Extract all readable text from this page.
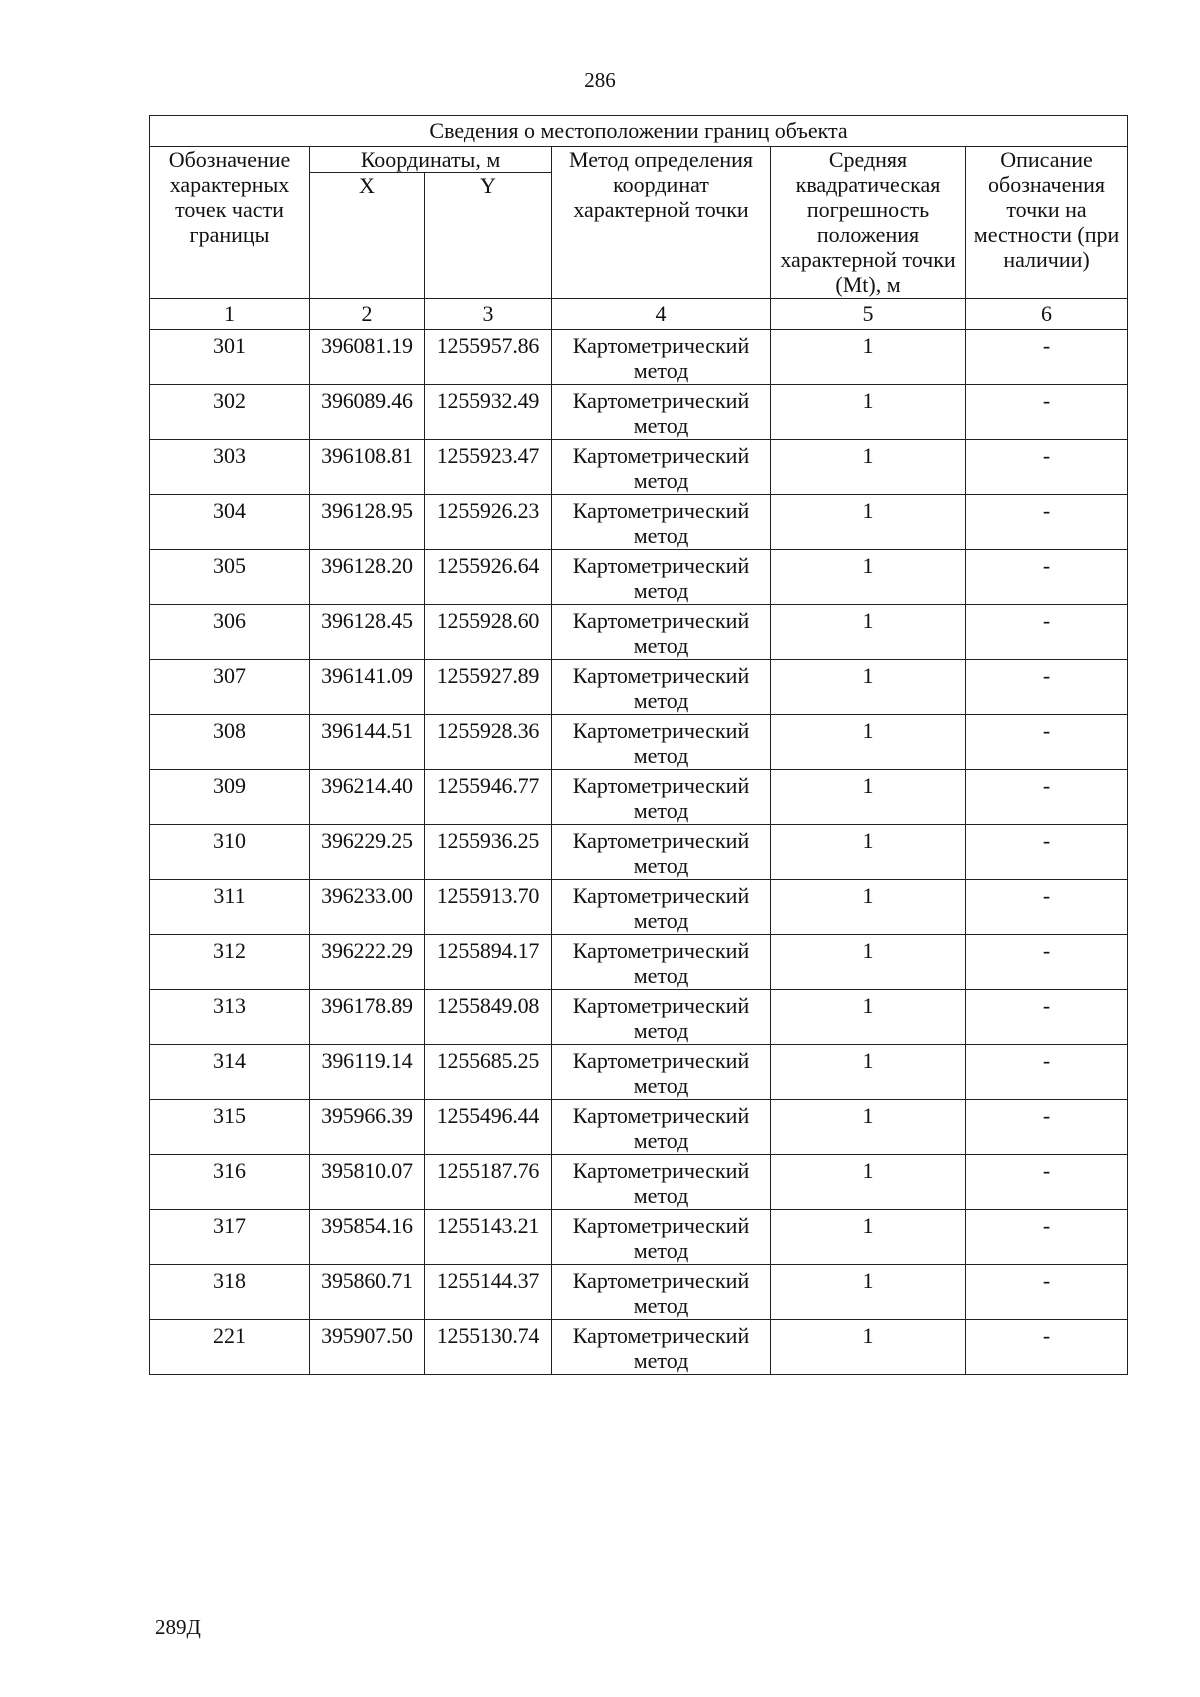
286
Сведения о местоположении границ объекта					
Обозначение характерных точек части границы	Координаты, м		Метод определения координат характерной точки	Средняя квадратическая погрешность положения характерной точки (Mt), м	Описание обозначения точки на местности (при наличии)
	X	Y			
1	2	3	4	5	6
301	396081.19	1255957.86	Картометрический метод	1	-
302	396089.46	1255932.49	Картометрический метод	1	-
303	396108.81	1255923.47	Картометрический метод	1	-
304	396128.95	1255926.23	Картометрический метод	1	-
305	396128.20	1255926.64	Картометрический метод	1	-
306	396128.45	1255928.60	Картометрический метод	1	-
307	396141.09	1255927.89	Картометрический метод	1	-
308	396144.51	1255928.36	Картометрический метод	1	-
309	396214.40	1255946.77	Картометрический метод	1	-
310	396229.25	1255936.25	Картометрический метод	1	-
311	396233.00	1255913.70	Картометрический метод	1	-
312	396222.29	1255894.17	Картометрический метод	1	-
313	396178.89	1255849.08	Картометрический метод	1	-
314	396119.14	1255685.25	Картометрический метод	1	-
315	395966.39	1255496.44	Картометрический метод	1	-
316	395810.07	1255187.76	Картометрический метод	1	-
317	395854.16	1255143.21	Картометрический метод	1	-
318	395860.71	1255144.37	Картометрический метод	1	-
221	395907.50	1255130.74	Картометрический метод	1	-
289Д
